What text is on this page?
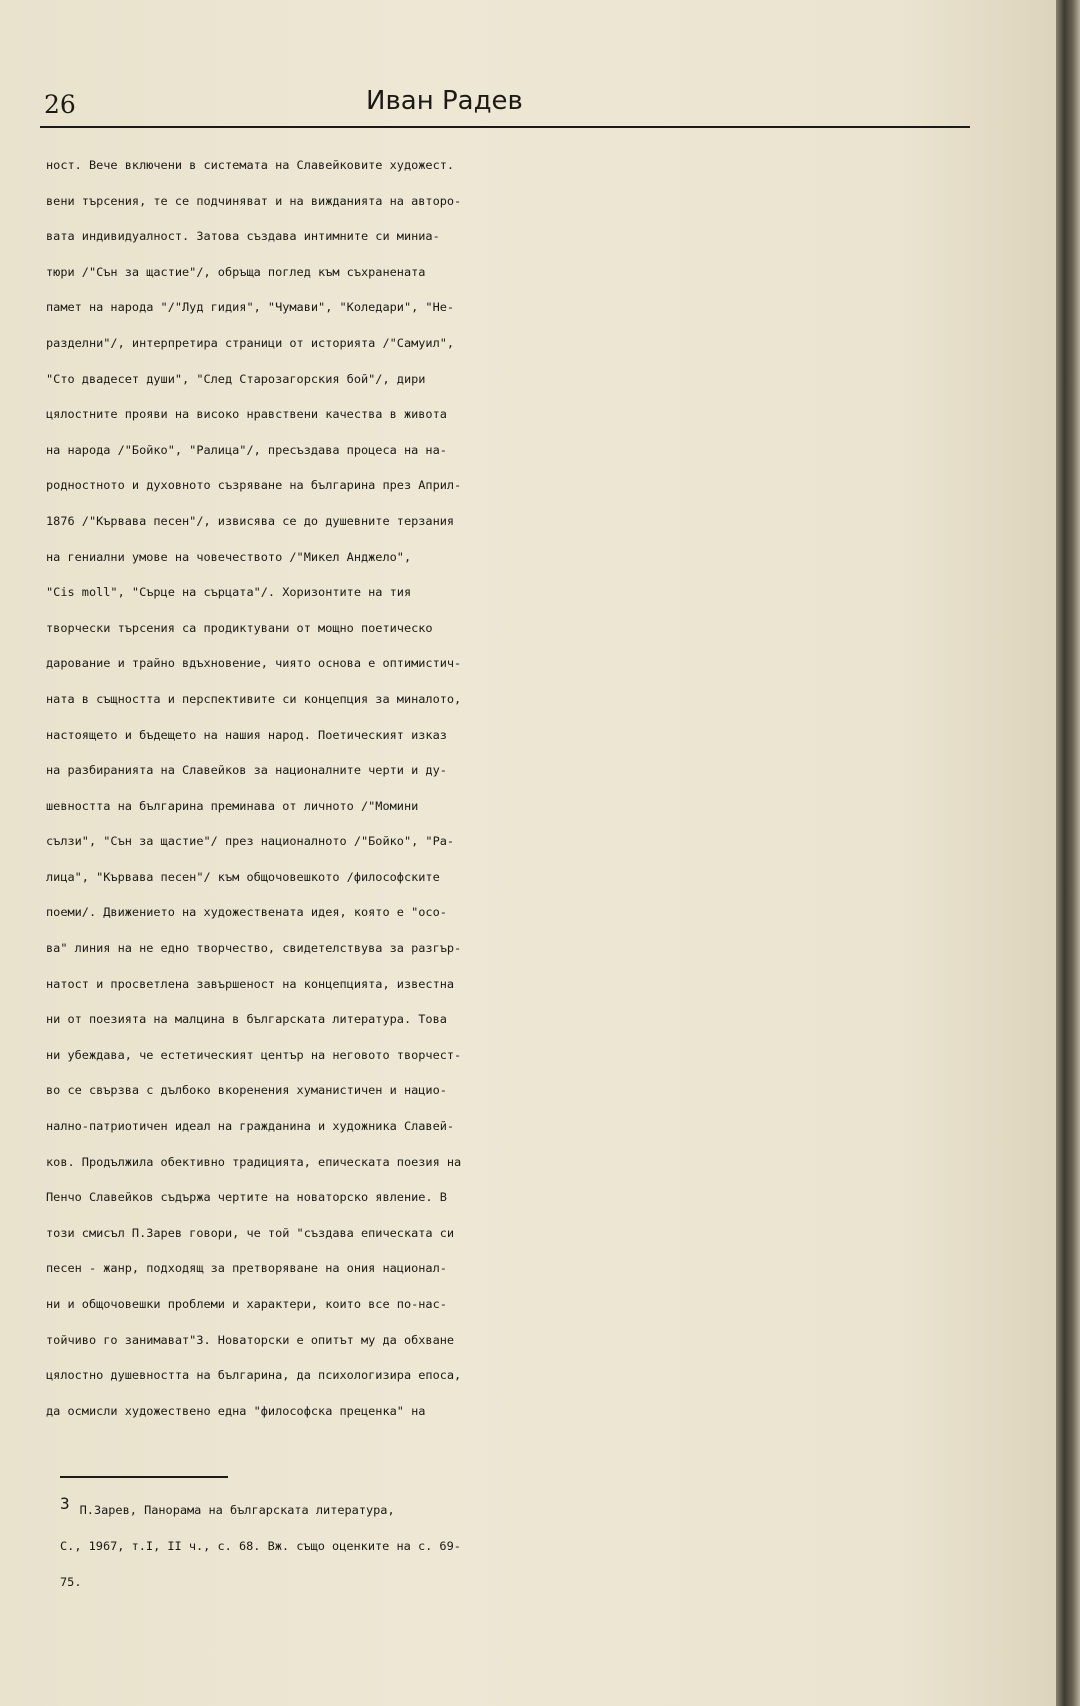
26	Иван Радев
ност. Вече включени в системата на Славейковите художест.
вени търсения, те се подчиняват и на вижданията на авторо-
вата индивидуалност. Затова създава интимните си миниа-
тюри /"Сън за щастие"/, обръща поглед към съхранената
памет на народа "/"Луд гидия", "Чумави", "Коледари", "Не-
разделни"/, интерпретира страници от историята /"Самуил",
"Сто двадесет души", "След Старозагорския бой"/, дири
цялостните прояви на високо нравствени качества в живота
на народа /"Бойко", "Ралица"/, пресъздава процеса на на-
родностното и духовното съзряване на българина през Април-
1876 /"Кървава песен"/, извисява се до душевните терзания
на гениални умове на човечеството /"Микел Анджело",
"Cis moll", "Сърце на сърцата"/. Хоризонтите на тия
творчески търсения са продиктувани от мощно поетическо
дарование и трайно вдъхновение, чиято основа е оптимистич-
ната в същността и перспективите си концепция за миналото,
настоящето и бъдещето на нашия народ. Поетическият изказ
на разбиранията на Славейков за националните черти и ду-
шевността на българина преминава от личното /"Момини
сълзи", "Сън за щастие"/ през националното /"Бойко", "Ра-
лица", "Кървава песен"/ към общочовешкото /философските
поеми/. Движението на художествената идея, която е "осо-
ва" линия на не едно творчество, свидетелствува за разгър-
натост и просветлена завършеност на концепцията, известна
ни от поезията на малцина в българската литература. Това
ни убеждава, че естетическият център на неговото творчест-
во се свързва с дълбоко вкоренения хуманистичен и нацио-
нално-патриотичен идеал на гражданина и художника Славей-
ков. Продължила обективно традицията, епическата поезия на
Пенчо Славейков съдържа чертите на новаторско явление. В
този смисъл П.Зарев говори, че той "създава епическата си
песен - жанр, подходящ за претворяване на ония национал-
ни и общочовешки проблеми и характери, които все по-нас-
тойчиво го занимават"3. Новаторски е опитът му да обхване
цялостно душевността на българина, да психологизира епоса,
да осмисли художествено една "философска преценка" на
3 П.Зарев, Панорама на българската литература,
С., 1967, т.I, II ч., с. 68. Вж. също оценките на с. 69-
75.
